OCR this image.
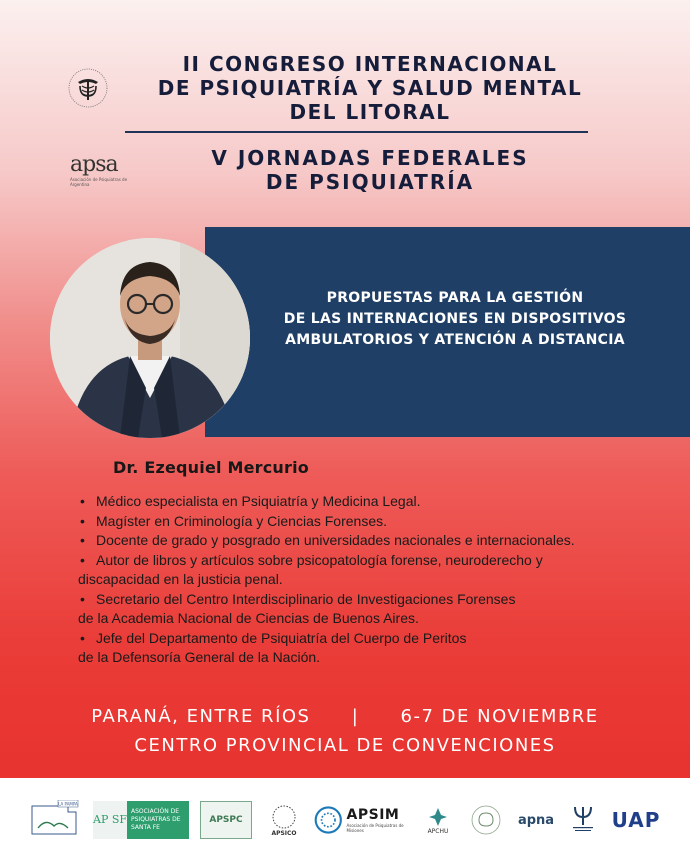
apsa
Asociación de Psiquiatras de Argentina
II CONGRESO INTERNACIONAL
DE PSIQUIATRÍA Y SALUD MENTAL
DEL LITORAL
V JORNADAS FEDERALES
DE PSIQUIATRÍA
PROPUESTAS PARA LA GESTIÓN
DE LAS INTERNACIONES EN DISPOSITIVOS
AMBULATORIOS Y ATENCIÓN A DISTANCIA
Dr. Ezequiel Mercurio
• Médico especialista en Psiquiatría y Medicina Legal.
• Magíster en Criminología y Ciencias Forenses.
• Docente de grado y posgrado en universidades nacionales e internacionales.
• Autor de libros y artículos sobre psicopatología forense, neuroderecho y
discapacidad en la justicia penal.
• Secretario del Centro Interdisciplinario de Investigaciones Forenses
de la Academia Nacional de Ciencias de Buenos Aires.
• Jefe del Departamento de Psiquiatría del Cuerpo de Peritos
de la Defensoría General de la Nación.
PARANÁ, ENTRE RÍOS | 6-7 DE NOVIEMBRE
CENTRO PROVINCIAL DE CONVENCIONES
LA PAMPA
AP SF
ASOCIACIÓN DE PSIQUIATRAS DE SANTA FE
APSPC
APSICO
APSIM
Asociación de Psiquiatras de Misiones	APCHU
apna	UAP
